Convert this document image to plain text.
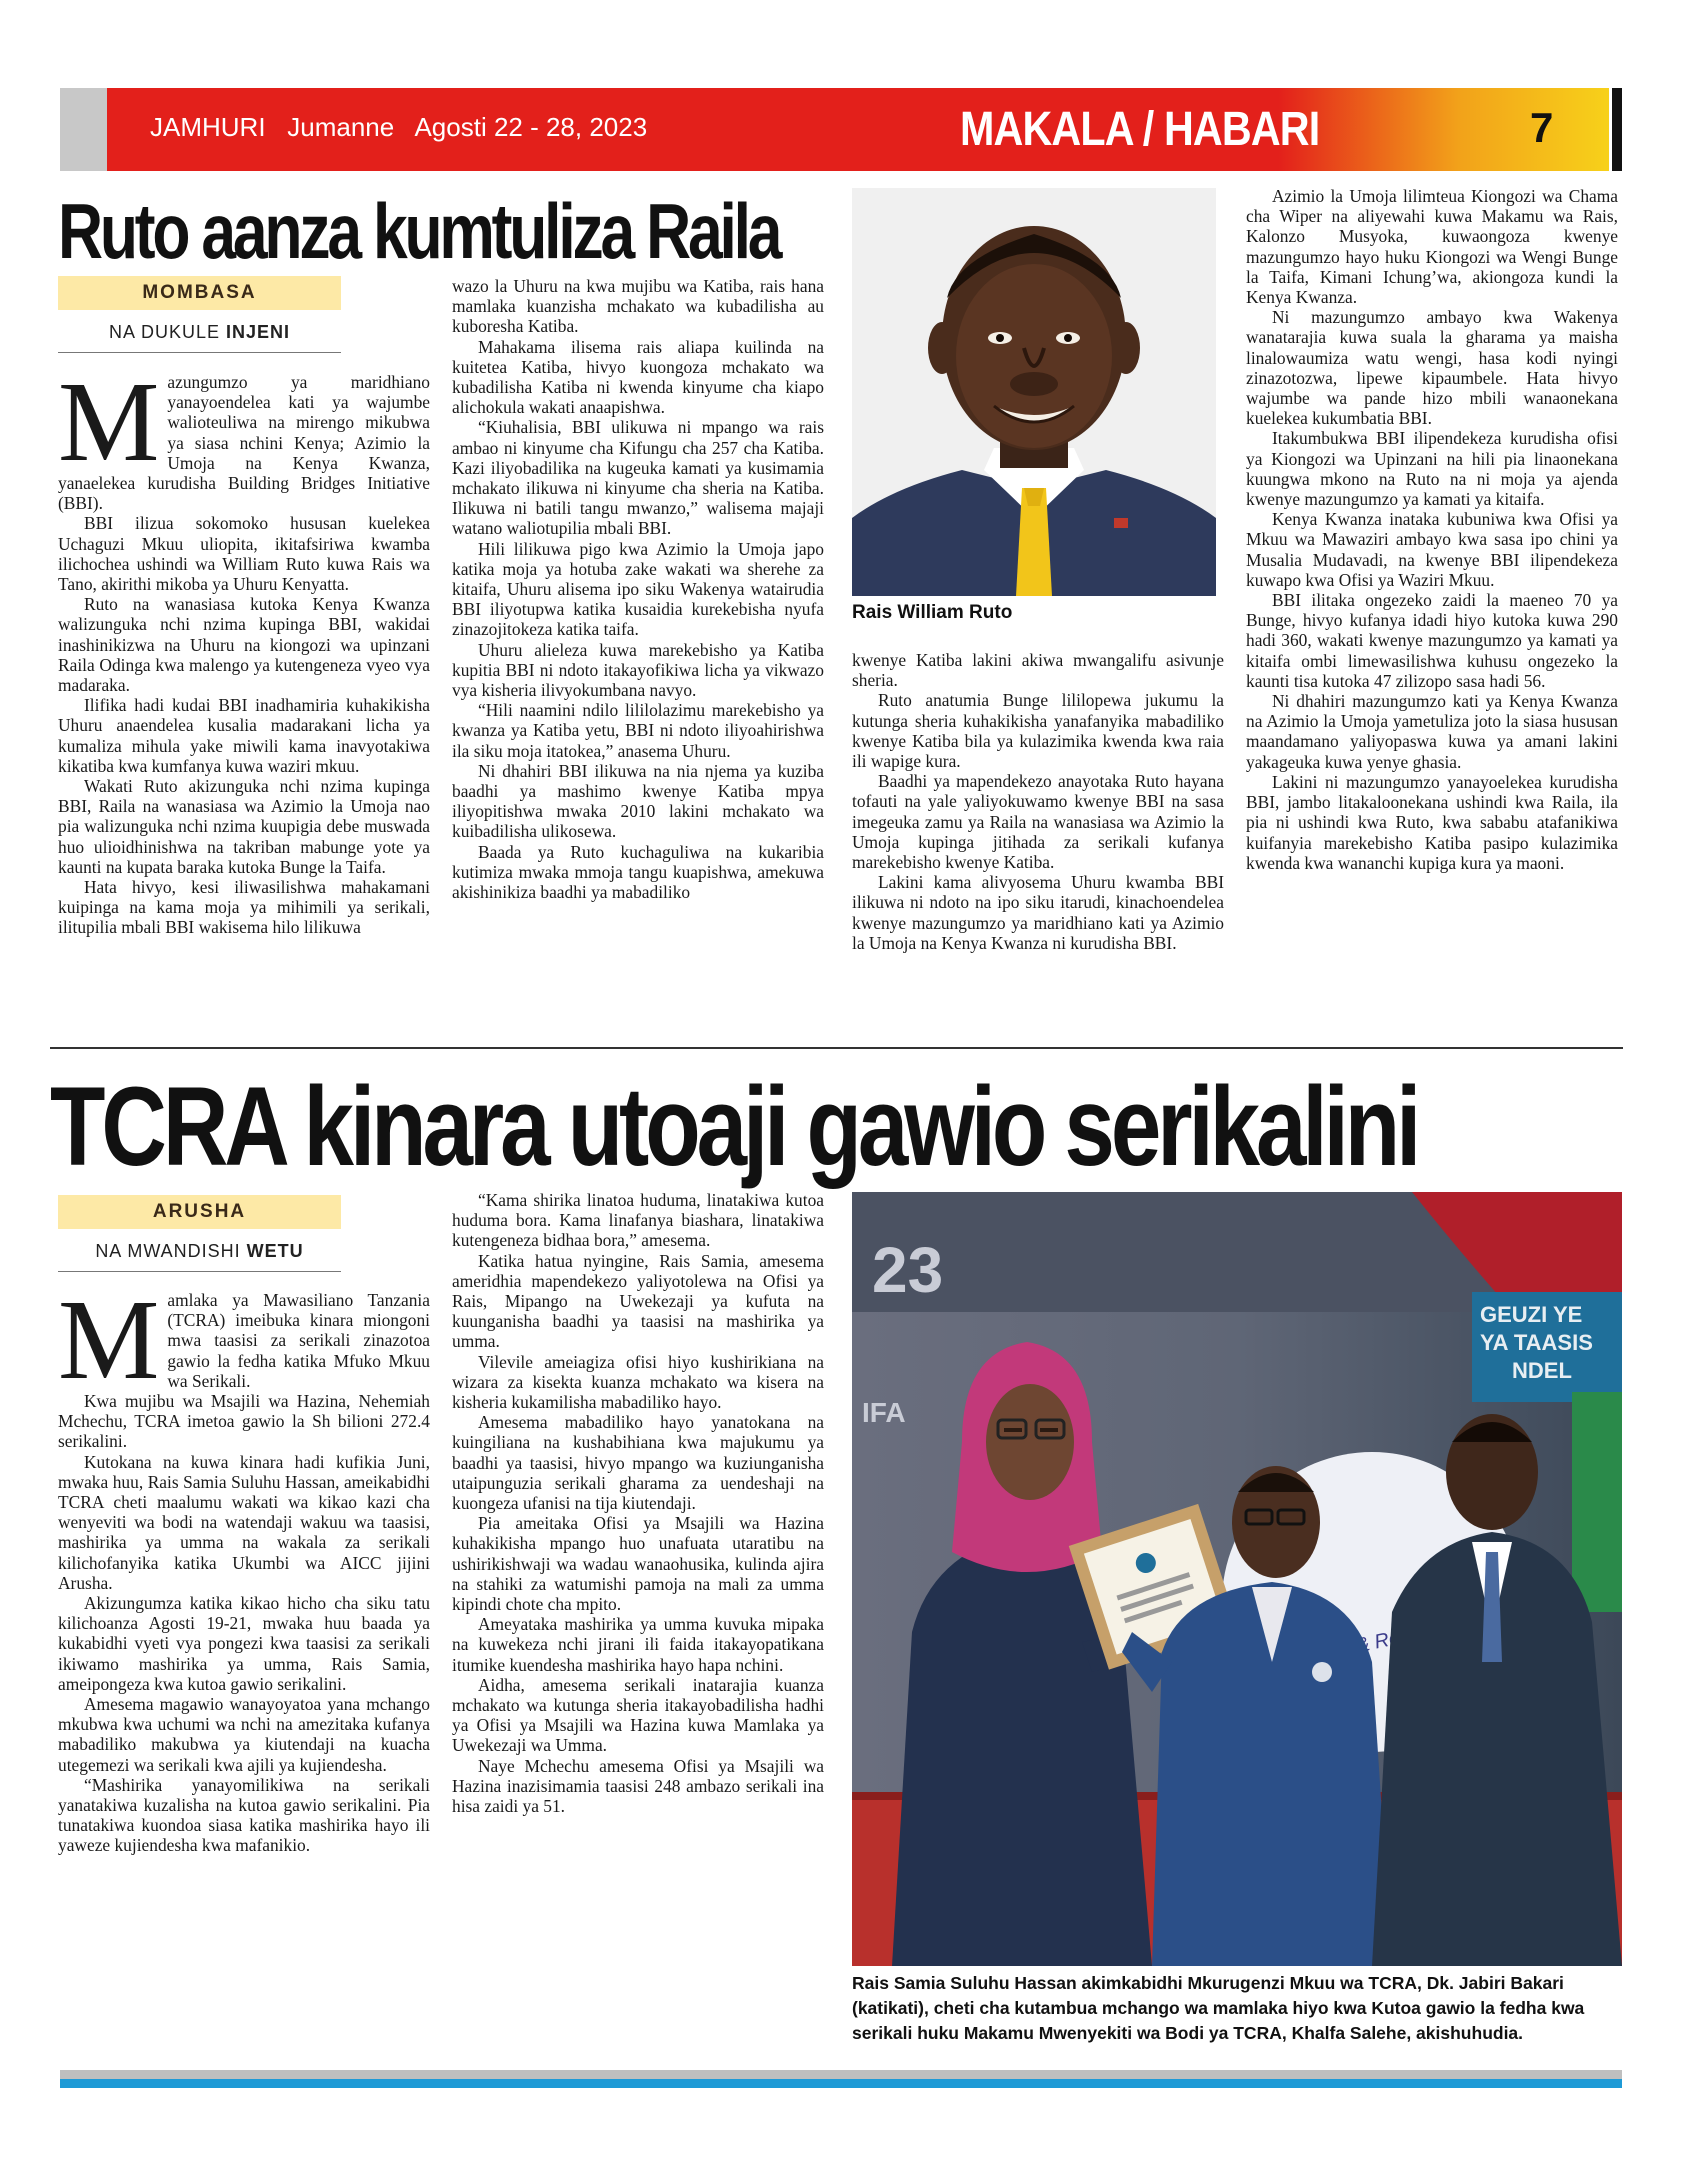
JAMHURI Jumanne Agosti 22 - 28, 2023	MAKALA / HABARI	7
Ruto aanza kumtuliza Raila
MOMBASA
NA DUKULE INJENI
M azungumzo ya maridhiano yanayoendelea kati ya wajumbe walioteuliwa na mirengo mikubwa ya siasa nchini Kenya; Azimio la Umoja na Kenya Kwanza, yanaelekea kurudisha Building Bridges Initiative (BBI).

BBI ilizua sokomoko hususan kuelekea Uchaguzi Mkuu uliopita, ikitafsiriwa kwamba ilichochea ushindi wa William Ruto kuwa Rais wa Tano, akirithi mikoba ya Uhuru Kenyatta.

Ruto na wanasiasa kutoka Kenya Kwanza walizunguka nchi nzima kupinga BBI, wakidai inashinikizwa na Uhuru na kiongozi wa upinzani Raila Odinga kwa malengo ya kutengeneza vyeo vya madaraka.

Ilifika hadi kudai BBI inadhamiria kuhakikisha Uhuru anaendelea kusalia madarakani licha ya kumaliza mihula yake miwili kama inavyotakiwa kikatiba kwa kumfanya kuwa waziri mkuu.

Wakati Ruto akizunguka nchi nzima kupinga BBI, Raila na wanasiasa wa Azimio la Umoja nao pia walizunguka nchi nzima kuupigia debe muswada huo ulioidhinishwa na takriban mabunge yote ya kaunti na kupata baraka kutoka Bunge la Taifa.

Hata hivyo, kesi iliwasilishwa mahakamani kuipinga na kama moja ya mihimili ya serikali, ilitupilia mbali BBI wakisema hilo lilikuwa

wazo la Uhuru na kwa mujibu wa Katiba, rais hana mamlaka kuanzisha mchakato wa kubadilisha au kuboresha Katiba.

Mahakama ilisema rais aliapa kuilinda na kuitetea Katiba, hivyo kuongoza mchakato wa kubadilisha Katiba ni kwenda kinyume cha kiapo alichokula wakati anaapishwa.

“Kiuhalisia, BBI ulikuwa ni mpango wa rais ambao ni kinyume cha Kifungu cha 257 cha Katiba. Kazi iliyobadilika na kugeuka kamati ya kusimamia mchakato ilikuwa ni kinyume cha sheria na Katiba. Ilikuwa ni batili tangu mwanzo,” walisema majaji watano waliotupilia mbali BBI.

Hili lilikuwa pigo kwa Azimio la Umoja japo katika moja ya hotuba zake wakati wa sherehe za kitaifa, Uhuru alisema ipo siku Wakenya watairudia BBI iliyotupwa katika kusaidia kurekebisha nyufa zinazojitokeza katika taifa.

Uhuru alieleza kuwa marekebisho ya Katiba kupitia BBI ni ndoto itakayofikiwa licha ya vikwazo vya kisheria ilivyokumbana navyo.

“Hili naamini ndilo lililolazimu marekebisho ya kwanza ya Katiba yetu, BBI ni ndoto iliyoahirishwa ila siku moja itatokea,” anasema Uhuru.

Ni dhahiri BBI ilikuwa na nia njema ya kuziba baadhi ya mashimo kwenye Katiba mpya iliyopitishwa mwaka 2010 lakini mchakato wa kuibadilisha ulikosewa.

Baada ya Ruto kuchaguliwa na kukaribia kutimiza mwaka mmoja tangu kuapishwa, amekuwa akishinikiza baadhi ya mabadiliko

Rais William Ruto

kwenye Katiba lakini akiwa mwangalifu asivunje sheria.

Ruto anatumia Bunge lililopewa jukumu la kutunga sheria kuhakikisha yanafanyika mabadiliko kwenye Katiba bila ya kulazimika kwenda kwa raia ili wapige kura.

Baadhi ya mapendekezo anayotaka Ruto hayana tofauti na yale yaliyokuwamo kwenye BBI na sasa imegeuka zamu ya Raila na wanasiasa wa Azimio la Umoja kupinga jitihada za serikali kufanya marekebisho kwenye Katiba.

Lakini kama alivyosema Uhuru kwamba BBI ilikuwa ni ndoto na ipo siku itarudi, kinachoendelea kwenye mazungumzo ya maridhiano kati ya Azimio la Umoja na Kenya Kwanza ni kurudisha BBI.

Azimio la Umoja lilimteua Kiongozi wa Chama cha Wiper na aliyewahi kuwa Makamu wa Rais, Kalonzo Musyoka, kuwaongoza kwenye mazungumzo hayo huku Kiongozi wa Wengi Bunge la Taifa, Kimani Ichung’wa, akiongoza kundi la Kenya Kwanza.

Ni mazungumzo ambayo kwa Wakenya wanatarajia kuwa suala la gharama ya maisha linalowaumiza watu wengi, hasa kodi nyingi zinazotozwa, lipewe kipaumbele. Hata hivyo wajumbe wa pande hizo mbili wanaonekana kuelekea kukumbatia BBI.

Itakumbukwa BBI ilipendekeza kurudisha ofisi ya Kiongozi wa Upinzani na hili pia linaonekana kuungwa mkono na Ruto na ni moja ya ajenda kwenye mazungumzo ya kamati ya kitaifa.

Kenya Kwanza inataka kubuniwa kwa Ofisi ya Mkuu wa Mawaziri ambayo kwa sasa ipo chini ya Musalia Mudavadi, na kwenye BBI ilipendekeza kuwapo kwa Ofisi ya Waziri Mkuu.

BBI ilitaka ongezeko zaidi la maeneo 70 ya Bunge, hivyo kufanya idadi hiyo kutoka kuwa 290 hadi 360, wakati kwenye mazungumzo ya kamati ya kitaifa ombi limewasilishwa kuhusu ongezeko la kaunti tisa kutoka 47 zilizopo sasa hadi 56.

Ni dhahiri mazungumzo kati ya Kenya Kwanza na Azimio la Umoja yametuliza joto la siasa hususan maandamano yaliyopaswa kuwa ya amani lakini yakageuka kuwa yenye ghasia.

Lakini ni mazungumzo yanayoelekea kurudisha BBI, jambo litakaloonekana ushindi kwa Raila, ila pia ni ushindi kwa Ruto, kwa sababu atafanikiwa kuifanyia marekebisho Katiba pasipo kulazimika kwenda kwa wananchi kupiga kura ya maoni.

TCRA kinara utoaji gawio serikalini
ARUSHA
NA MWANDISHI WETU
M amlaka ya Mawasiliano Tanzania (TCRA) imeibuka kinara miongoni mwa taasisi za serikali zinazotoa gawio la fedha katika Mfuko Mkuu wa Serikali.

Kwa mujibu wa Msajili wa Hazina, Nehemiah Mchechu, TCRA imetoa gawio la Sh bilioni 272.4 serikalini.

Kutokana na kuwa kinara hadi kufikia Juni, mwaka huu, Rais Samia Suluhu Hassan, ameikabidhi TCRA cheti maalumu wakati wa kikao kazi cha wenyeviti wa bodi na watendaji wakuu wa taasisi, mashirika ya umma na wakala za serikali kilichofanyika katika Ukumbi wa AICC jijini Arusha.

Akizungumza katika kikao hicho cha siku tatu kilichoanza Agosti 19-21, mwaka huu baada ya kukabidhi vyeti vya pongezi kwa taasisi za serikali ikiwamo mashirika ya umma, Rais Samia, ameipongeza kwa kutoa gawio serikalini.

Amesema magawio wanayoyatoa yana mchango mkubwa kwa uchumi wa nchi na amezitaka kufanya mabadiliko makubwa ya kiutendaji na kuacha utegemezi wa serikali kwa ajili ya kujiendesha.

“Mashirika yanayomilikiwa na serikali yanatakiwa kuzalisha na kutoa gawio serikalini. Pia tunatakiwa kuondoa siasa katika mashirika hayo ili yaweze kujiendesha kwa mafanikio.

“Kama shirika linatoa huduma, linatakiwa kutoa huduma bora. Kama linafanya biashara, linatakiwa kutengeneza bidhaa bora,” amesema.

Katika hatua nyingine, Rais Samia, amesema ameridhia mapendekezo yaliyotolewa na Ofisi ya Rais, Mipango na Uwekezaji ya kufuta na kuunganisha baadhi ya taasisi na mashirika ya umma.

Vilevile ameiagiza ofisi hiyo kushirikiana na wizara za kisekta kuanza mchakato wa kisera na kisheria kukamilisha mabadiliko hayo.

Amesema mabadiliko hayo yanatokana na kuingiliana na kushabihiana kwa majukumu ya baadhi ya taasisi, hivyo mpango wa kuziunganisha utaipunguzia serikali gharama za uendeshaji na kuongeza ufanisi na tija kiutendaji.

Pia ameitaka Ofisi ya Msajili wa Hazina kuhakikisha mpango huo unafuata utaratibu na ushirikishwaji wa wadau wanaohusika, kulinda ajira na stahiki za watumishi pamoja na mali za umma kipindi chote cha mpito.

Ameyataka mashirika ya umma kuvuka mipaka na kuwekeza nchi jirani ili faida itakayopatikana itumike kuendesha mashirika hayo hapa nchini.

Aidha, amesema serikali inatarajia kuanza mchakato wa kutunga sheria itakayobadilisha hadhi ya Ofisi ya Msajili wa Hazina kuwa Mamlaka ya Uwekezaji wa Umma.

Naye Mchechu amesema Ofisi ya Msajili wa Hazina inazisimamia taasisi 248 ambazo serikali ina hisa zaidi ya 51.

23
IFA
GEUZI YE
YA TAASIS
NDEL
Rais Samia Suluhu Hassan akimkabidhi Mkurugenzi Mkuu wa TCRA, Dk. Jabiri Bakari (katikati), cheti cha kutambua mchango wa mamlaka hiyo kwa Kutoa gawio la fedha kwa serikali huku Makamu Mwenyekiti wa Bodi ya TCRA, Khalfa Salehe, akishuhudia.
